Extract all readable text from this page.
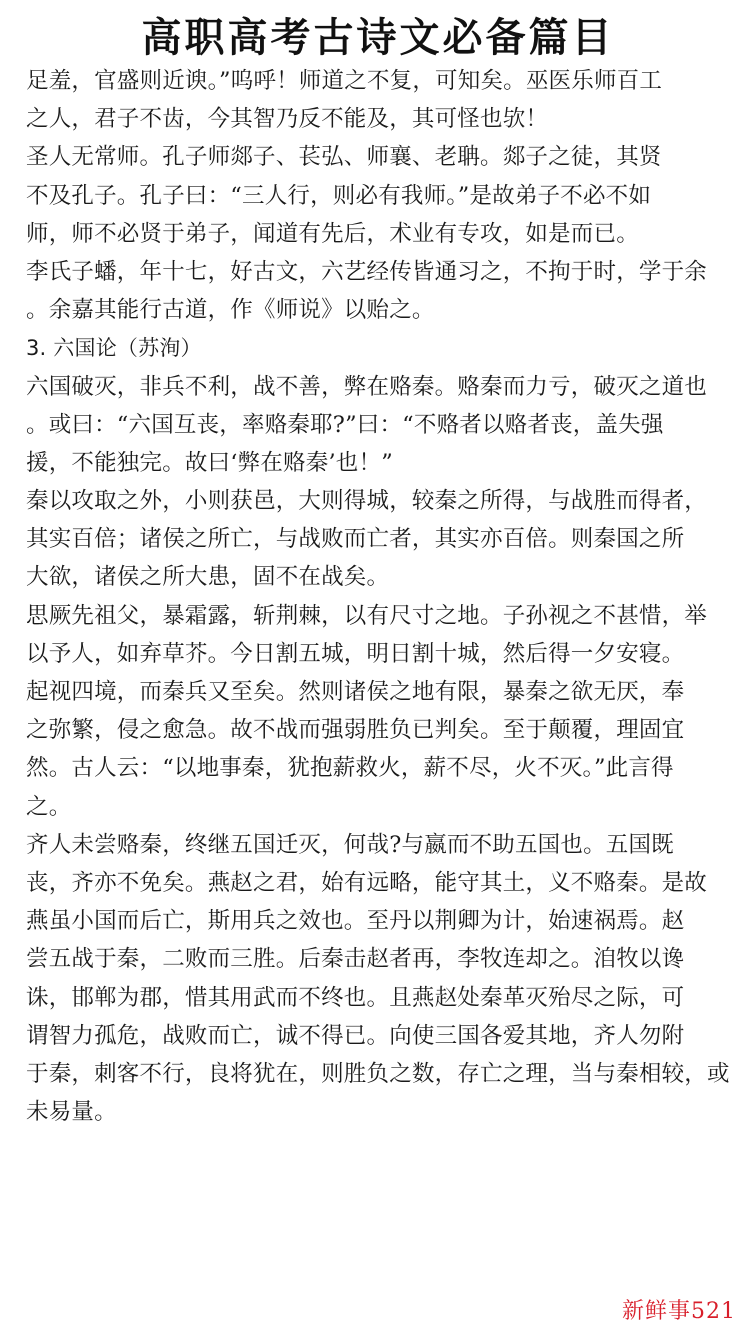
高职高考古诗文必备篇目
足羞，官盛则近谀。”呜呼！师道之不复，可知矣。巫医乐师百工
之人，君子不齿，今其智乃反不能及，其可怪也欤！
圣人无常师。孔子师郯子、苌弘、师襄、老聃。郯子之徒，其贤
不及孔子。孔子曰：“三人行，则必有我师。”是故弟子不必不如
师，师不必贤于弟子，闻道有先后，术业有专攻，如是而已。
李氏子蟠，年十七，好古文，六艺经传皆通习之，不拘于时，学于余
。余嘉其能行古道，作《师说》以贻之。
3. 六国论（苏洵）
六国破灭，非兵不利，战不善，弊在赂秦。赂秦而力亏，破灭之道也
。或曰：“六国互丧，率赂秦耶?”曰：“不赂者以赂者丧，盖失强
援，不能独完。故曰‘弊在赂秦’也！”
秦以攻取之外，小则获邑，大则得城，较秦之所得，与战胜而得者，
其实百倍；诸侯之所亡，与战败而亡者，其实亦百倍。则秦国之所
大欲，诸侯之所大患，固不在战矣。
思厥先祖父，暴霜露，斩荆棘，以有尺寸之地。子孙视之不甚惜，举
以予人，如弃草芥。今日割五城，明日割十城，然后得一夕安寝。
起视四境，而秦兵又至矣。然则诸侯之地有限，暴秦之欲无厌，奉
之弥繁，侵之愈急。故不战而强弱胜负已判矣。至于颠覆，理固宜
然。古人云：“以地事秦，犹抱薪救火，薪不尽，火不灭。”此言得
之。
齐人未尝赂秦，终继五国迁灭，何哉?与嬴而不助五国也。五国既
丧，齐亦不免矣。燕赵之君，始有远略，能守其土，义不赂秦。是故
燕虽小国而后亡，斯用兵之效也。至丹以荆卿为计，始速祸焉。赵
尝五战于秦，二败而三胜。后秦击赵者再，李牧连却之。洎牧以谗
诛，邯郸为郡，惜其用武而不终也。且燕赵处秦革灭殆尽之际，可
谓智力孤危，战败而亡，诚不得已。向使三国各爱其地，齐人勿附
于秦，刺客不行，良将犹在，则胜负之数，存亡之理，当与秦相较，或
未易量。
新鲜事521
